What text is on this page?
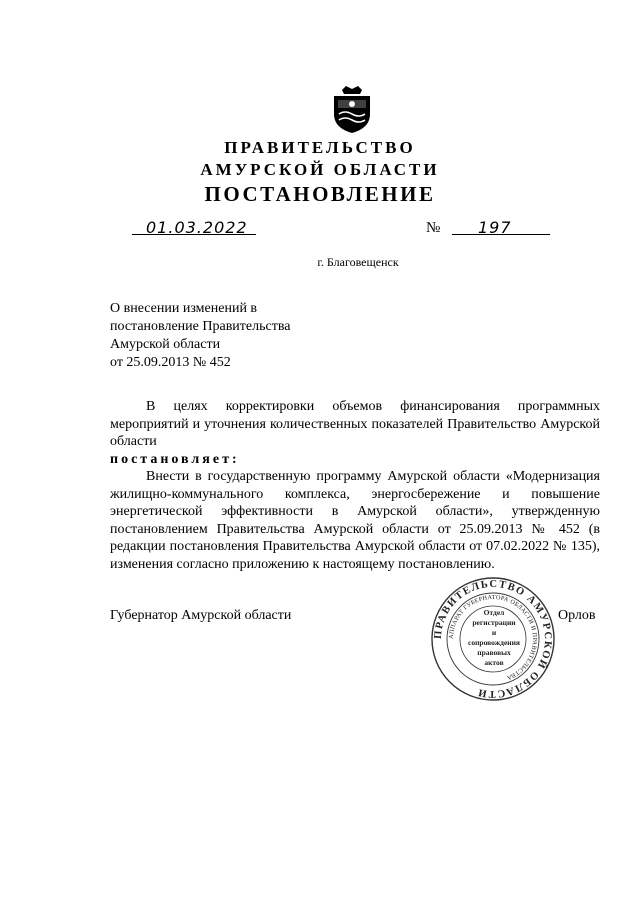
ПРАВИТЕЛЬСТВО
АМУРСКОЙ ОБЛАСТИ
ПОСТАНОВЛЕНИЕ
01.03.2022	№ 197
г. Благовещенск
О внесении изменений в
постановление Правительства
Амурской области
от 25.09.2013 № 452

В целях корректировки объемов финансирования программных мероприятий и уточнения количественных показателей Правительство Амурской области

постановляет:

Внести в государственную программу Амурской области «Модернизация жилищно-коммунального комплекса, энергосбережение и повышение энергетической эффективности в Амурской области», утвержденную постановлением Правительства Амурской области от 25.09.2013 № 452 (в редакции постановления Правительства Амурской области от 07.02.2022 № 135), изменения согласно приложению к настоящему постановлению.

Губернатор Амурской области
ПРАВИТЕЛЬСТВО АМУРСКОЙ ОБЛАСТИ
АППАРАТ ГУБЕРНАТОРА ОБЛАСТИ И ПРАВИТЕЛЬСТВА
Отдел
регистрации
и сопровождения
правовых актов
Орлов
